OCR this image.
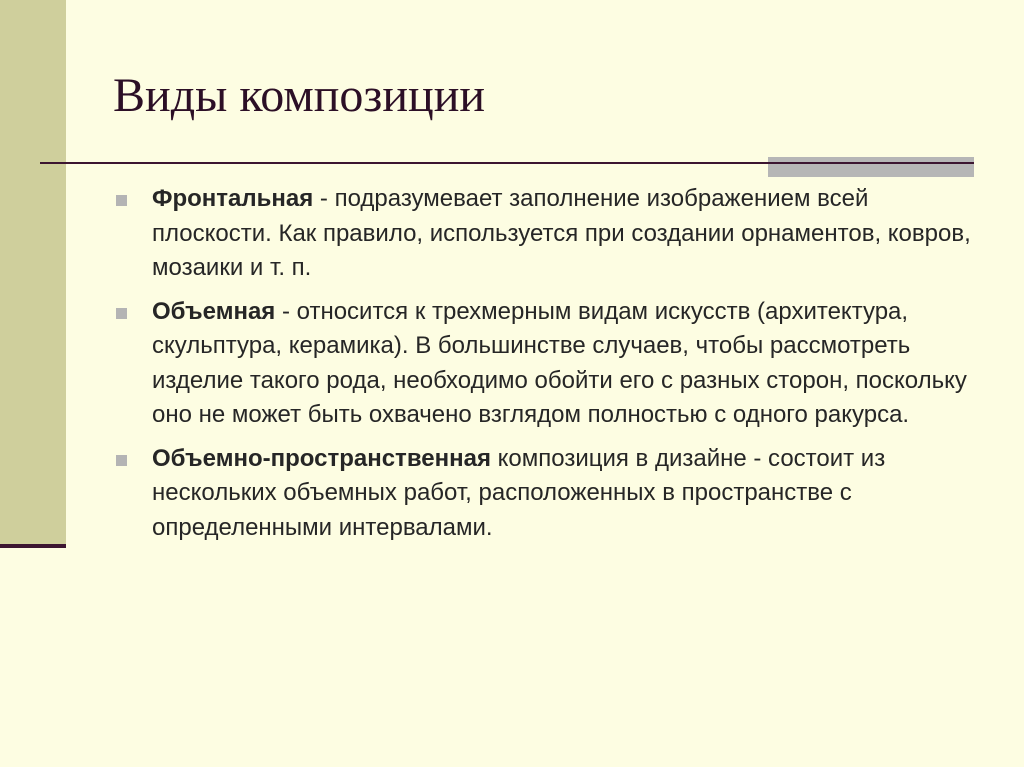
Виды композиции
Фронтальная - подразумевает заполнение изображением всей плоскости. Как правило, используется при создании орнаментов, ковров, мозаики и т. п.
Объемная - относится к трехмерным видам искусств (архитектура, скульптура, керамика). В большинстве случаев, чтобы рассмотреть изделие такого рода, необходимо обойти его с разных сторон, поскольку оно не может быть охвачено взглядом полностью с одного ракурса.
Объемно-пространственная композиция в дизайне - состоит из нескольких объемных работ, расположенных в пространстве с определенными интервалами.
